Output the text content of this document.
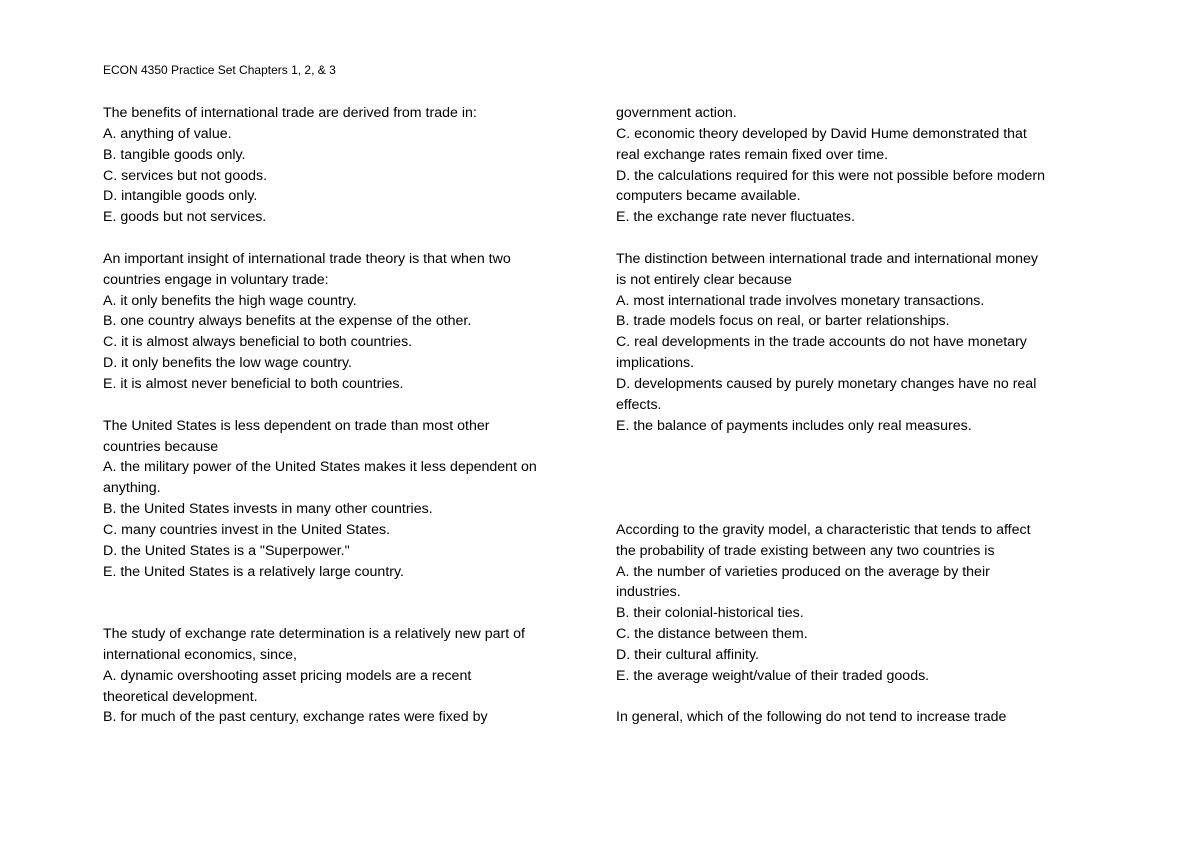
ECON 4350 Practice Set Chapters 1, 2, & 3
The benefits of international trade are derived from trade in:
A. anything of value.
B. tangible goods only.
C. services but not goods.
D. intangible goods only.
E. goods but not services.
An important insight of international trade theory is that when two
countries engage in voluntary trade:
A. it only benefits the high wage country.
B. one country always benefits at the expense of the other.
C. it is almost always beneficial to both countries.
D. it only benefits the low wage country.
E. it is almost never beneficial to both countries.
The United States is less dependent on trade than most other
countries because
A. the military power of the United States makes it less dependent on
anything.
B. the United States invests in many other countries.
C. many countries invest in the United States.
D. the United States is a "Superpower."
E. the United States is a relatively large country.
The study of exchange rate determination is a relatively new part of
international economics, since,
A. dynamic overshooting asset pricing models are a recent
theoretical development.
B. for much of the past century, exchange rates were fixed by
government action.
C. economic theory developed by David Hume demonstrated that
real exchange rates remain fixed over time.
D. the calculations required for this were not possible before modern
computers became available.
E. the exchange rate never fluctuates.
The distinction between international trade and international money
is not entirely clear because
A. most international trade involves monetary transactions.
B. trade models focus on real, or barter relationships.
C. real developments in the trade accounts do not have monetary
implications.
D. developments caused by purely monetary changes have no real
effects.
E. the balance of payments includes only real measures.
According to the gravity model, a characteristic that tends to affect
the probability of trade existing between any two countries is
A. the number of varieties produced on the average by their
industries.
B. their colonial-historical ties.
C. the distance between them.
D. their cultural affinity.
E. the average weight/value of their traded goods.
In general, which of the following do not tend to increase trade
